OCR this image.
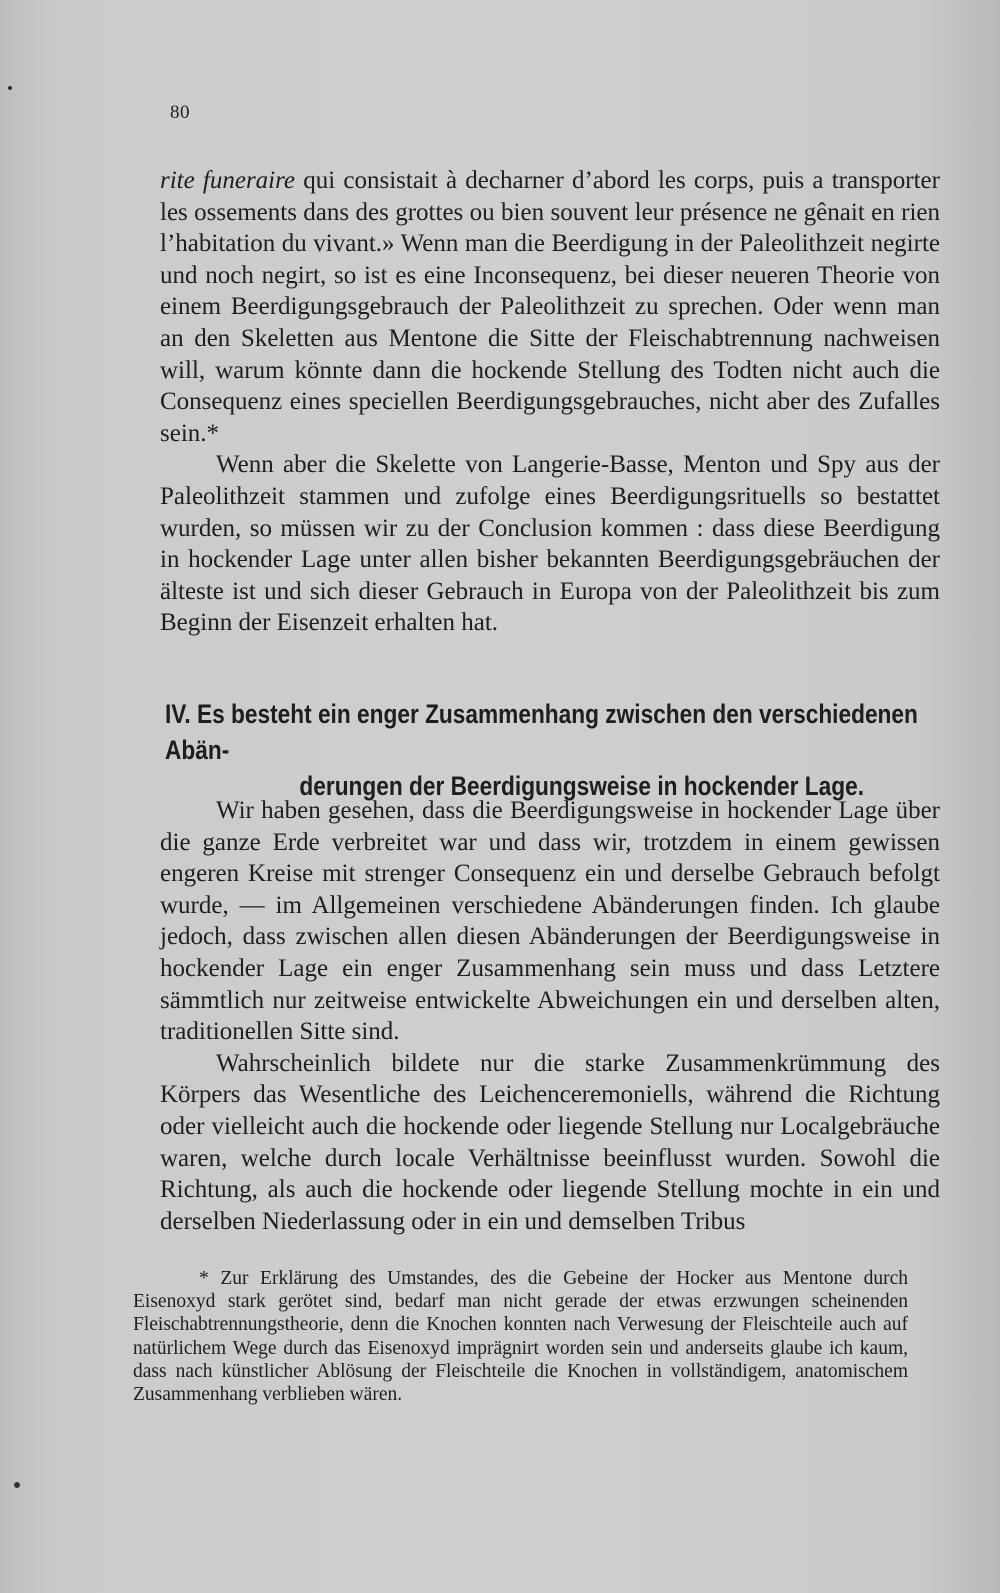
80

rite funeraire qui consistait à decharner d’abord les corps, puis a transporter les ossements dans des grottes ou bien souvent leur présence ne gênait en rien l’habitation du vivant.» Wenn man die Beerdigung in der Paleolithzeit negirte und noch negirt, so ist es eine Inconsequenz, bei dieser neueren Theorie von einem Beerdigungsgebrauch der Paleolithzeit zu sprechen. Oder wenn man an den Skeletten aus Mentone die Sitte der Fleischabtrennung nachweisen will, warum könnte dann die hockende Stellung des Todten nicht auch die Consequenz eines speciellen Beerdigungsgebrauches, nicht aber des Zufalles sein.*

Wenn aber die Skelette von Langerie-Basse, Menton und Spy aus der Paleolithzeit stammen und zufolge eines Beerdigungsrituells so bestattet wurden, so müssen wir zu der Conclusion kommen : dass diese Beerdigung in hockender Lage unter allen bisher bekannten Beerdigungsgebräuchen der älteste ist und sich dieser Gebrauch in Europa von der Paleolithzeit bis zum Beginn der Eisenzeit erhalten hat.

IV. Es besteht ein enger Zusammenhang zwischen den verschiedenen Abän-
derungen der Beerdigungsweise in hockender Lage.

Wir haben gesehen, dass die Beerdigungsweise in hockender Lage über die ganze Erde verbreitet war und dass wir, trotzdem in einem gewissen engeren Kreise mit strenger Consequenz ein und derselbe Gebrauch befolgt wurde, — im Allgemeinen verschiedene Abänderungen finden. Ich glaube jedoch, dass zwischen allen diesen Abänderungen der Beerdigungsweise in hockender Lage ein enger Zusammenhang sein muss und dass Letztere sämmtlich nur zeitweise entwickelte Abweichungen ein und derselben alten, traditionellen Sitte sind.

Wahrscheinlich bildete nur die starke Zusammenkrümmung des Körpers das Wesentliche des Leichenceremoniells, während die Richtung oder vielleicht auch die hockende oder liegende Stellung nur Localgebräuche waren, welche durch locale Verhältnisse beeinflusst wurden. Sowohl die Richtung, als auch die hockende oder liegende Stellung mochte in ein und derselben Niederlassung oder in ein und demselben Tribus

* Zur Erklärung des Umstandes, des die Gebeine der Hocker aus Mentone durch Eisenoxyd stark gerötet sind, bedarf man nicht gerade der etwas erzwungen scheinenden Fleischabtrennungstheorie, denn die Knochen konnten nach Verwesung der Fleischteile auch auf natürlichem Wege durch das Eisenoxyd imprägnirt worden sein und anderseits glaube ich kaum, dass nach künstlicher Ablösung der Fleischteile die Knochen in vollständigem, anatomischem Zusammenhang verblieben wären.
